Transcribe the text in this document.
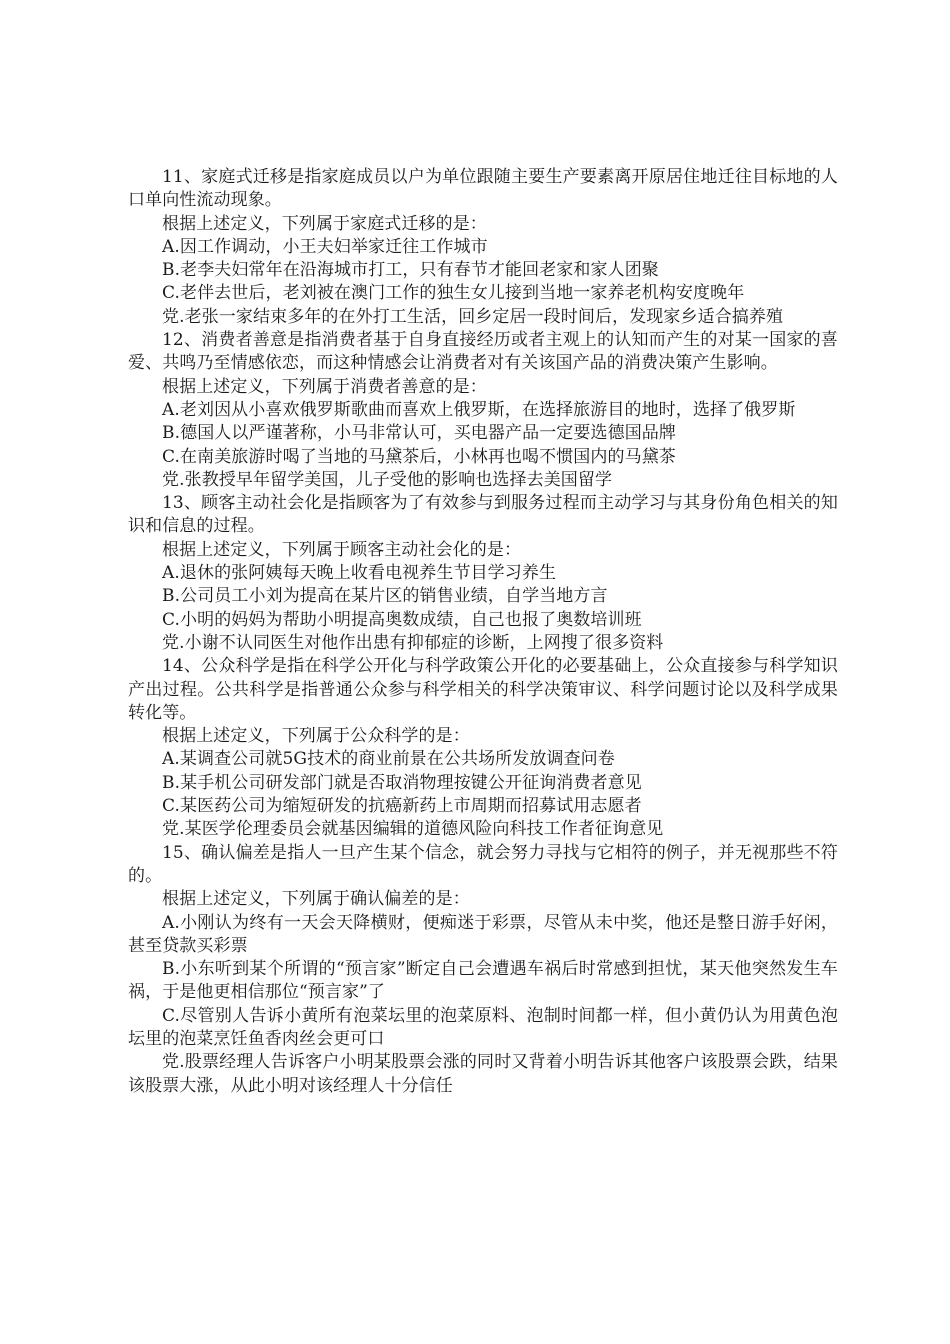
11、家庭式迁移是指家庭成员以户为单位跟随主要生产要素离开原居住地迁往目标地的人口单向性流动现象。

根据上述定义，下列属于家庭式迁移的是：

A.因工作调动，小王夫妇举家迁往工作城市

B.老李夫妇常年在沿海城市打工，只有春节才能回老家和家人团聚

C.老伴去世后，老刘被在澳门工作的独生女儿接到当地一家养老机构安度晚年

党.老张一家结束多年的在外打工生活，回乡定居一段时间后，发现家乡适合搞养殖

12、消费者善意是指消费者基于自身直接经历或者主观上的认知而产生的对某一国家的喜爱、共鸣乃至情感依恋，而这种情感会让消费者对有关该国产品的消费决策产生影响。

根据上述定义，下列属于消费者善意的是：

A.老刘因从小喜欢俄罗斯歌曲而喜欢上俄罗斯，在选择旅游目的地时，选择了俄罗斯

B.德国人以严谨著称，小马非常认可，买电器产品一定要选德国品牌

C.在南美旅游时喝了当地的马黛茶后，小林再也喝不惯国内的马黛茶

党.张教授早年留学美国，儿子受他的影响也选择去美国留学

13、顾客主动社会化是指顾客为了有效参与到服务过程而主动学习与其身份角色相关的知识和信息的过程。

根据上述定义，下列属于顾客主动社会化的是：

A.退休的张阿姨每天晚上收看电视养生节目学习养生

B.公司员工小刘为提高在某片区的销售业绩，自学当地方言

C.小明的妈妈为帮助小明提高奥数成绩，自己也报了奥数培训班

党.小谢不认同医生对他作出患有抑郁症的诊断，上网搜了很多资料

14、公众科学是指在科学公开化与科学政策公开化的必要基础上，公众直接参与科学知识产出过程。公共科学是指普通公众参与科学相关的科学决策审议、科学问题讨论以及科学成果转化等。

根据上述定义，下列属于公众科学的是：

A.某调查公司就5G技术的商业前景在公共场所发放调查问卷

B.某手机公司研发部门就是否取消物理按键公开征询消费者意见

C.某医药公司为缩短研发的抗癌新药上市周期而招募试用志愿者

党.某医学伦理委员会就基因编辑的道德风险向科技工作者征询意见

15、确认偏差是指人一旦产生某个信念，就会努力寻找与它相符的例子，并无视那些不符的。

根据上述定义，下列属于确认偏差的是：

A.小刚认为终有一天会天降横财，便痴迷于彩票，尽管从未中奖，他还是整日游手好闲，甚至贷款买彩票

B.小东听到某个所谓的“预言家”断定自己会遭遇车祸后时常感到担忧，某天他突然发生车祸，于是他更相信那位“预言家”了

C.尽管别人告诉小黄所有泡菜坛里的泡菜原料、泡制时间都一样，但小黄仍认为用黄色泡坛里的泡菜烹饪鱼香肉丝会更可口

党.股票经理人告诉客户小明某股票会涨的同时又背着小明告诉其他客户该股票会跌，结果该股票大涨，从此小明对该经理人十分信任
